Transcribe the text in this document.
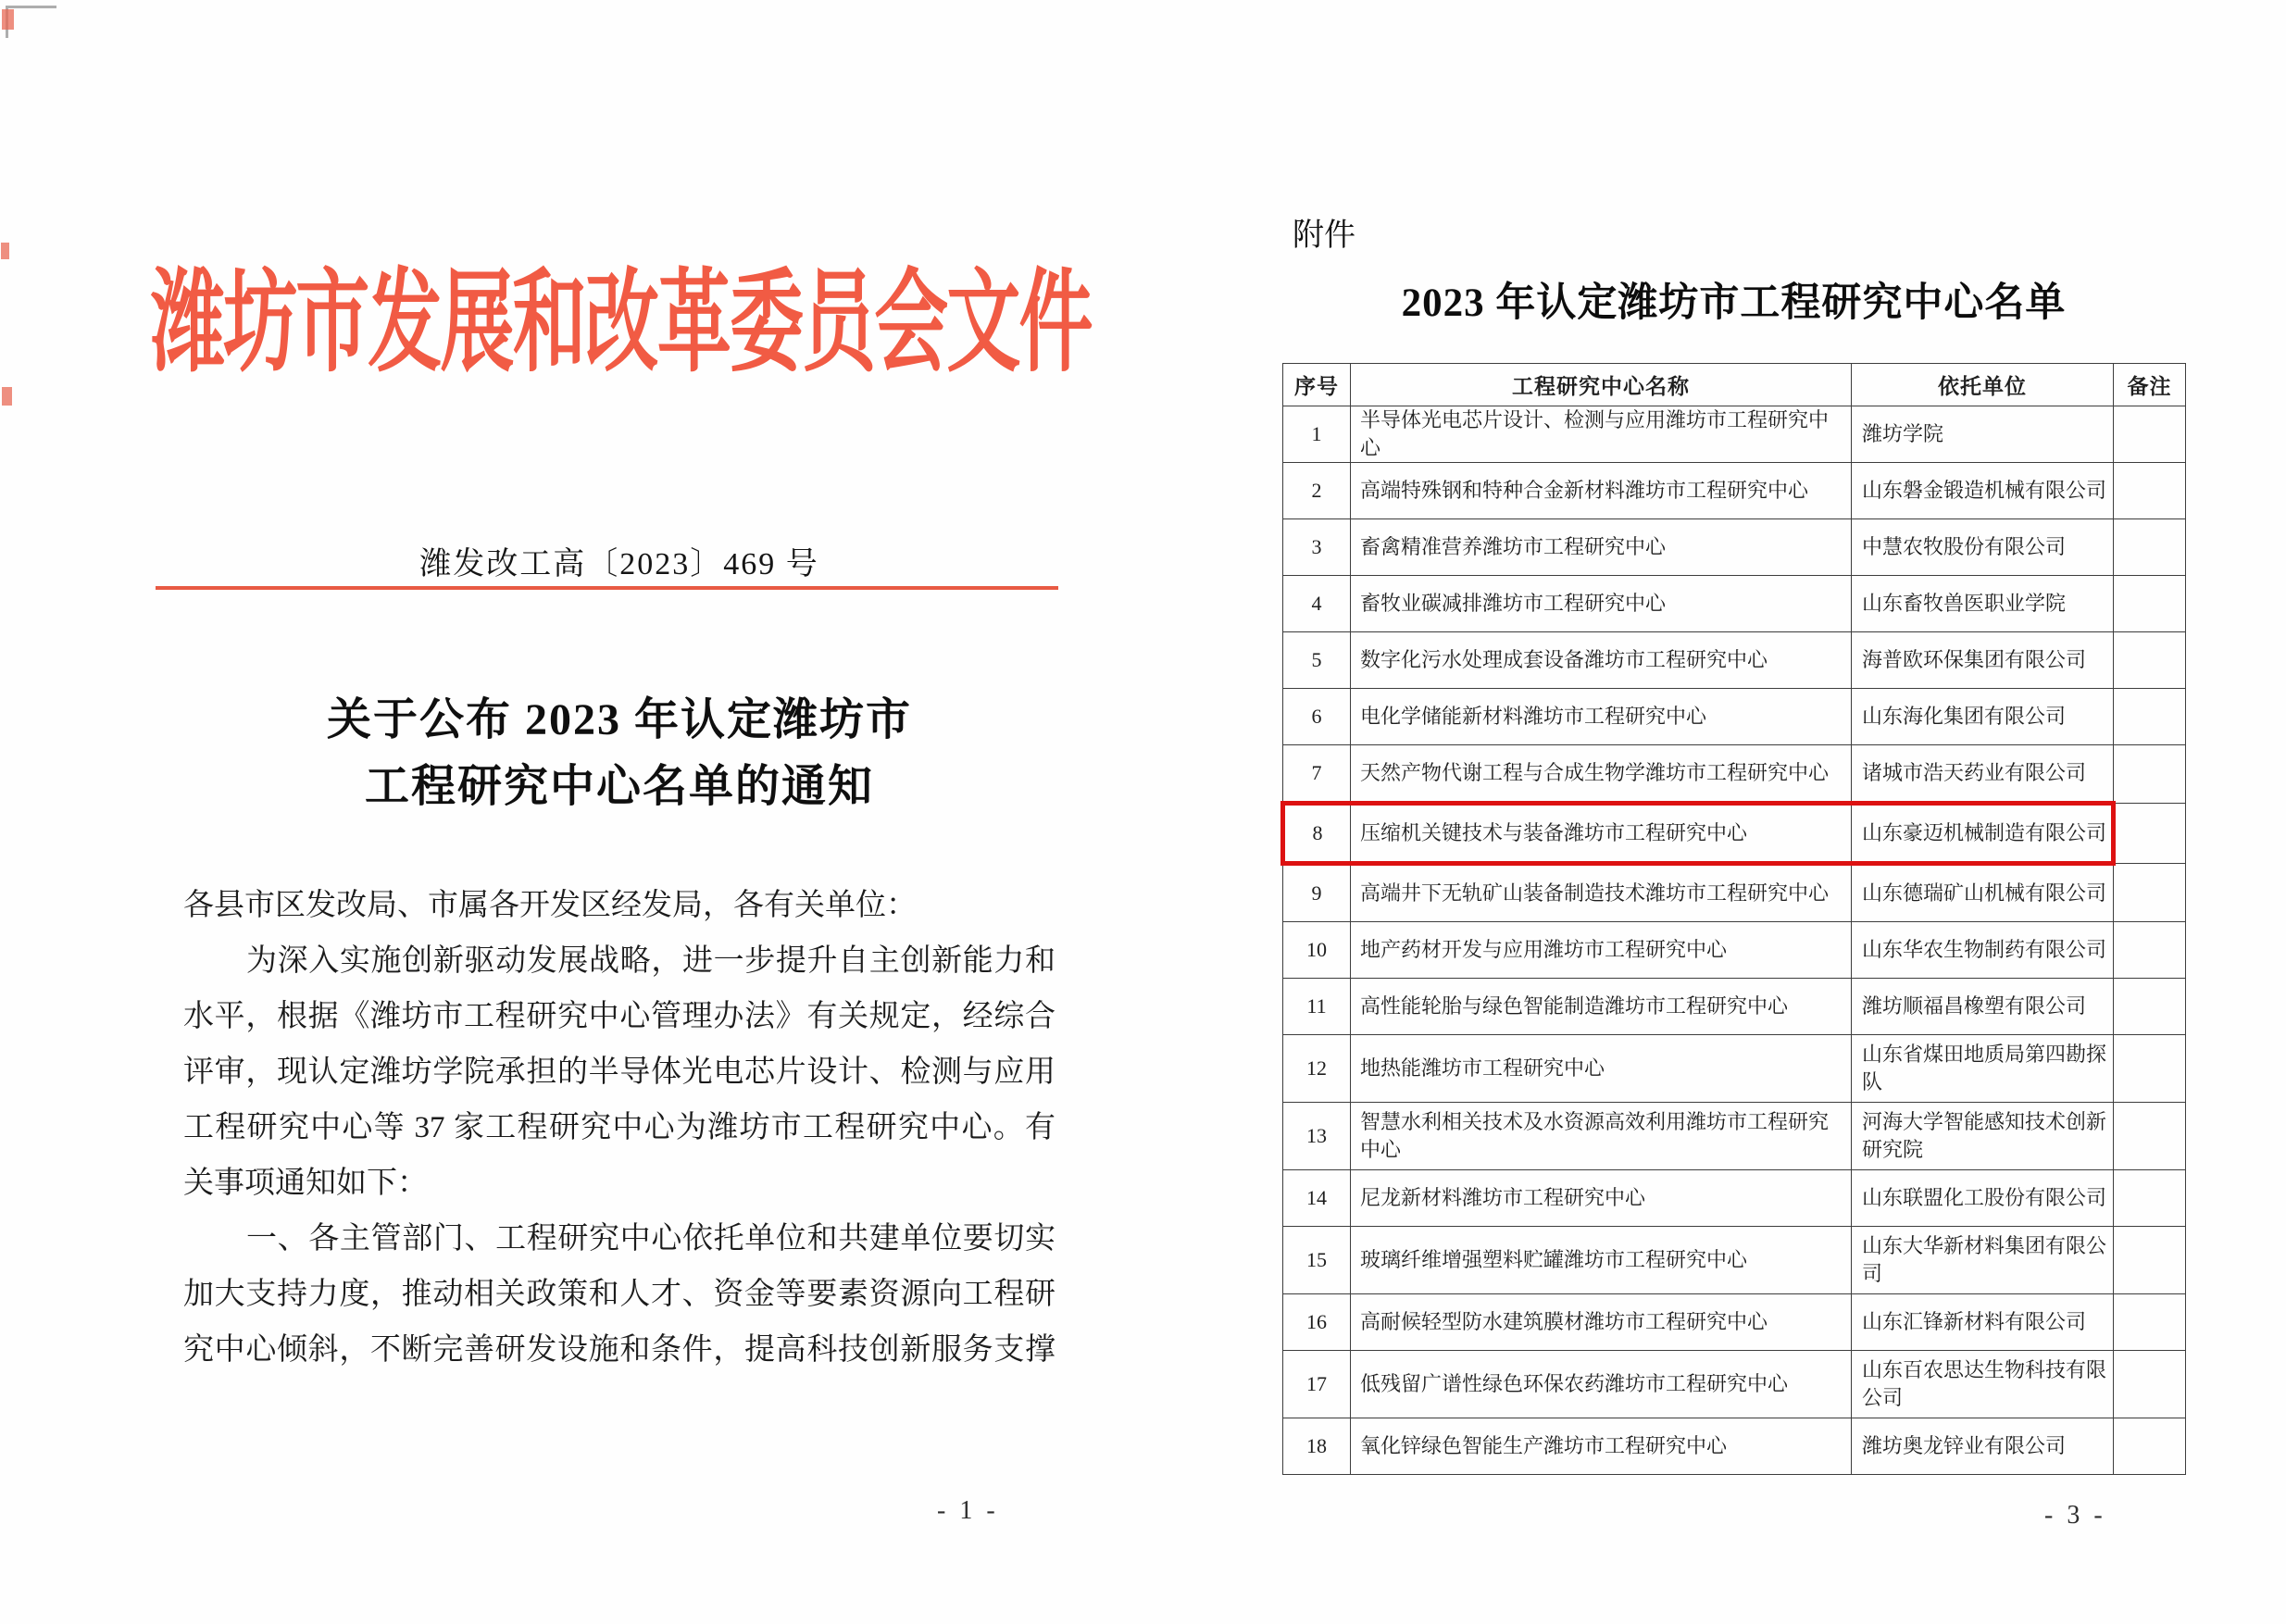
潍坊市发展和改革委员会文件
潍发改工高〔2023〕469 号
关于公布 2023 年认定潍坊市
工程研究中心名单的通知
各县市区发改局、市属各开发区经发局，各有关单位：
为深入实施创新驱动发展战略，进一步提升自主创新能力和
水平，根据《潍坊市工程研究中心管理办法》有关规定，经综合
评审，现认定潍坊学院承担的半导体光电芯片设计、检测与应用
工程研究中心等 37 家工程研究中心为潍坊市工程研究中心。有
关事项通知如下：
一、各主管部门、工程研究中心依托单位和共建单位要切实
加大支持力度，推动相关政策和人才、资金等要素资源向工程研
究中心倾斜，不断完善研发设施和条件，提高科技创新服务支撑
- 1 -
附件
2023 年认定潍坊市工程研究中心名单
序号	工程研究中心名称	依托单位	备注
1	半导体光电芯片设计、检测与应用潍坊市工程研究中心	潍坊学院	
2	高端特殊钢和特种合金新材料潍坊市工程研究中心	山东磐金锻造机械有限公司	
3	畜禽精准营养潍坊市工程研究中心	中慧农牧股份有限公司	
4	畜牧业碳减排潍坊市工程研究中心	山东畜牧兽医职业学院	
5	数字化污水处理成套设备潍坊市工程研究中心	海普欧环保集团有限公司	
6	电化学储能新材料潍坊市工程研究中心	山东海化集团有限公司	
7	天然产物代谢工程与合成生物学潍坊市工程研究中心	诸城市浩天药业有限公司	
8	压缩机关键技术与装备潍坊市工程研究中心	山东豪迈机械制造有限公司	
9	高端井下无轨矿山装备制造技术潍坊市工程研究中心	山东德瑞矿山机械有限公司	
10	地产药材开发与应用潍坊市工程研究中心	山东华农生物制药有限公司	
11	高性能轮胎与绿色智能制造潍坊市工程研究中心	潍坊顺福昌橡塑有限公司	
12	地热能潍坊市工程研究中心	山东省煤田地质局第四勘探队	
13	智慧水利相关技术及水资源高效利用潍坊市工程研究中心	河海大学智能感知技术创新研究院	
14	尼龙新材料潍坊市工程研究中心	山东联盟化工股份有限公司	
15	玻璃纤维增强塑料贮罐潍坊市工程研究中心	山东大华新材料集团有限公司	
16	高耐候轻型防水建筑膜材潍坊市工程研究中心	山东汇锋新材料有限公司	
17	低残留广谱性绿色环保农药潍坊市工程研究中心	山东百农思达生物科技有限公司	
18	氧化锌绿色智能生产潍坊市工程研究中心	潍坊奥龙锌业有限公司	
- 3 -
